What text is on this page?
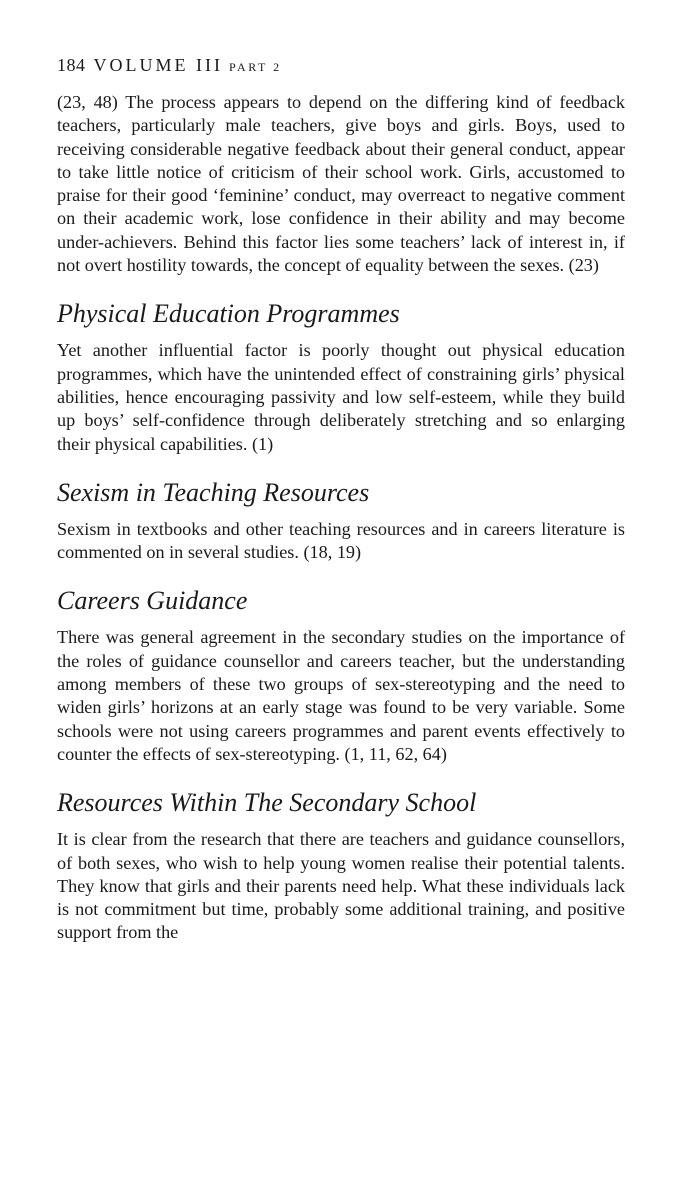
184 VOLUME III PART 2

(23, 48) The process appears to depend on the differing kind of feedback teachers, particularly male teachers, give boys and girls. Boys, used to receiving considerable negative feedback about their general conduct, appear to take little notice of criticism of their school work. Girls, accustomed to praise for their good ‘feminine’ conduct, may overreact to negative comment on their academic work, lose confidence in their ability and may become under-achievers. Behind this factor lies some teachers’ lack of interest in, if not overt hostility towards, the concept of equality between the sexes. (23)

Physical Education Programmes

Yet another influential factor is poorly thought out physical education programmes, which have the unintended effect of constraining girls’ physical abilities, hence encouraging passivity and low self-esteem, while they build up boys’ self-confidence through deliberately stretching and so enlarging their physical capabilities. (1)

Sexism in Teaching Resources

Sexism in textbooks and other teaching resources and in careers literature is commented on in several studies. (18, 19)

Careers Guidance

There was general agreement in the secondary studies on the importance of the roles of guidance counsellor and careers teacher, but the understanding among members of these two groups of sex-stereotyping and the need to widen girls’ horizons at an early stage was found to be very variable. Some schools were not using careers programmes and parent events effectively to counter the effects of sex-stereotyping. (1, 11, 62, 64)

Resources Within The Secondary School

It is clear from the research that there are teachers and guidance counsellors, of both sexes, who wish to help young women realise their potential talents. They know that girls and their parents need help. What these individuals lack is not commitment but time, probably some additional training, and positive support from the
